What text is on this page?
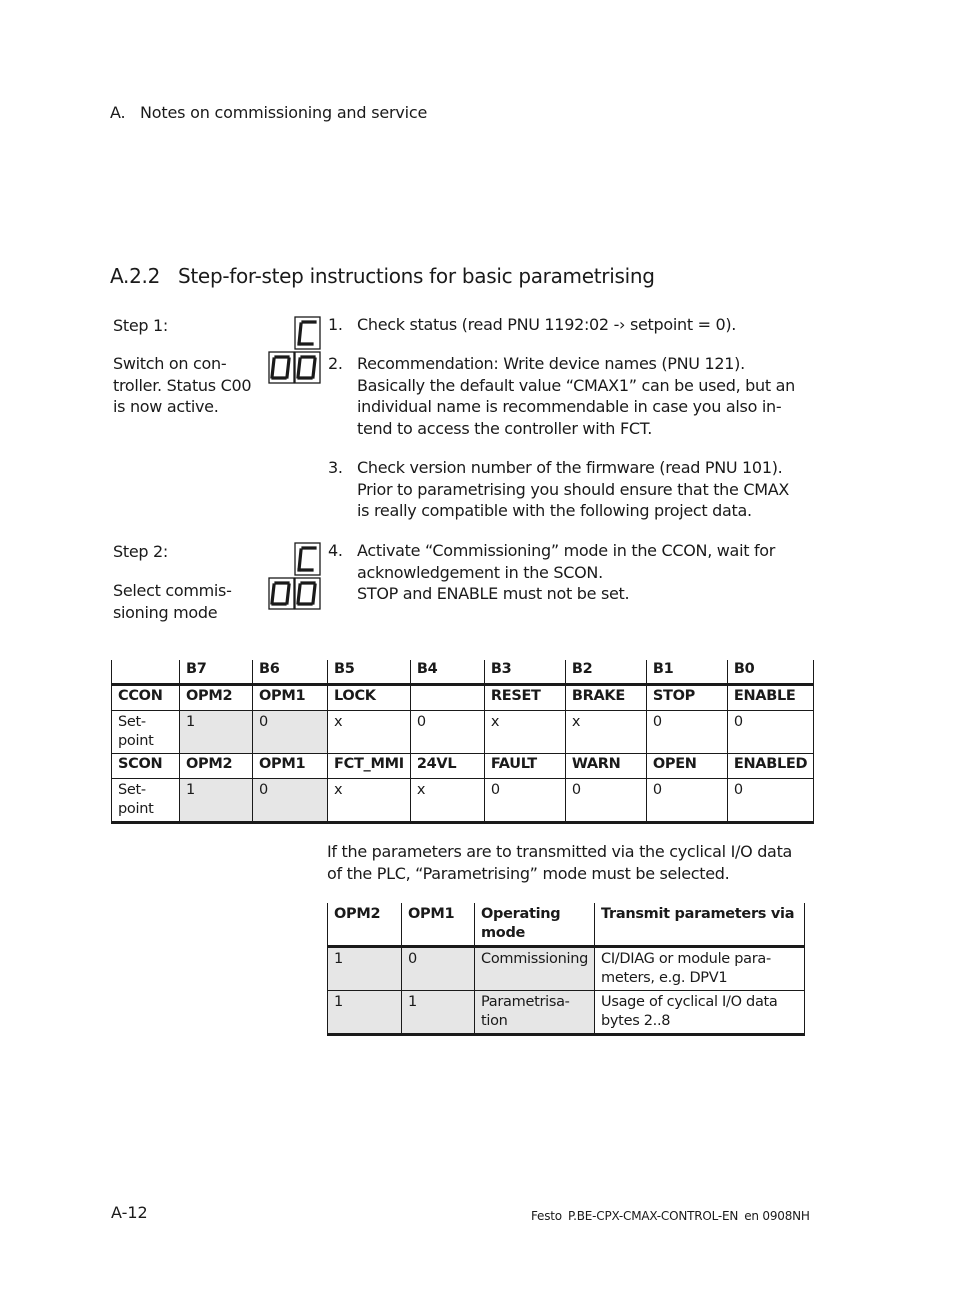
A. Notes on commissioning and service
A.2.2 Step-for-step instructions for basic parametrising
Step 1:
Switch on con-
troller. Status C00
is now active.
1. Check status (read PNU 1192:02 -› setpoint = 0).
2. Recommendation: Write device names (PNU 121).
Basically the default value “CMAX1” can be used, but an
individual name is recommendable in case you also in-
tend to access the controller with FCT.
3. Check version number of the firmware (read PNU 101).
Prior to parametrising you should ensure that the CMAX
is really compatible with the following project data.
Step 2:
Select commis-
sioning mode
4. Activate “Commissioning” mode in the CCON, wait for
acknowledgement in the SCON.
STOP and ENABLE must not be set.
	B7	B6	B5	B4	B3	B2	B1	B0
CCON	OPM2	OPM1	LOCK		RESET	BRAKE	STOP	ENABLE
Set-
point	1	0	x	0	x	x	0	0
SCON	OPM2	OPM1	FCT_MMI	24VL	FAULT	WARN	OPEN	ENABLED
Set-
point	1	0	x	x	0	0	0	0
If the parameters are to transmitted via the cyclical I/O data of the PLC, “Parametrising” mode must be selected.
OPM2	OPM1	Operating
mode	Transmit parameters via
1	0	Commissioning	CI/DIAG or module para-
meters, e.g. DPV1
1	1	Parametrisa-
tion	Usage of cyclical I/O data
bytes 2..8
A-12	Festo P.BE-CPX-CMAX-CONTROL-EN en 0908NH
